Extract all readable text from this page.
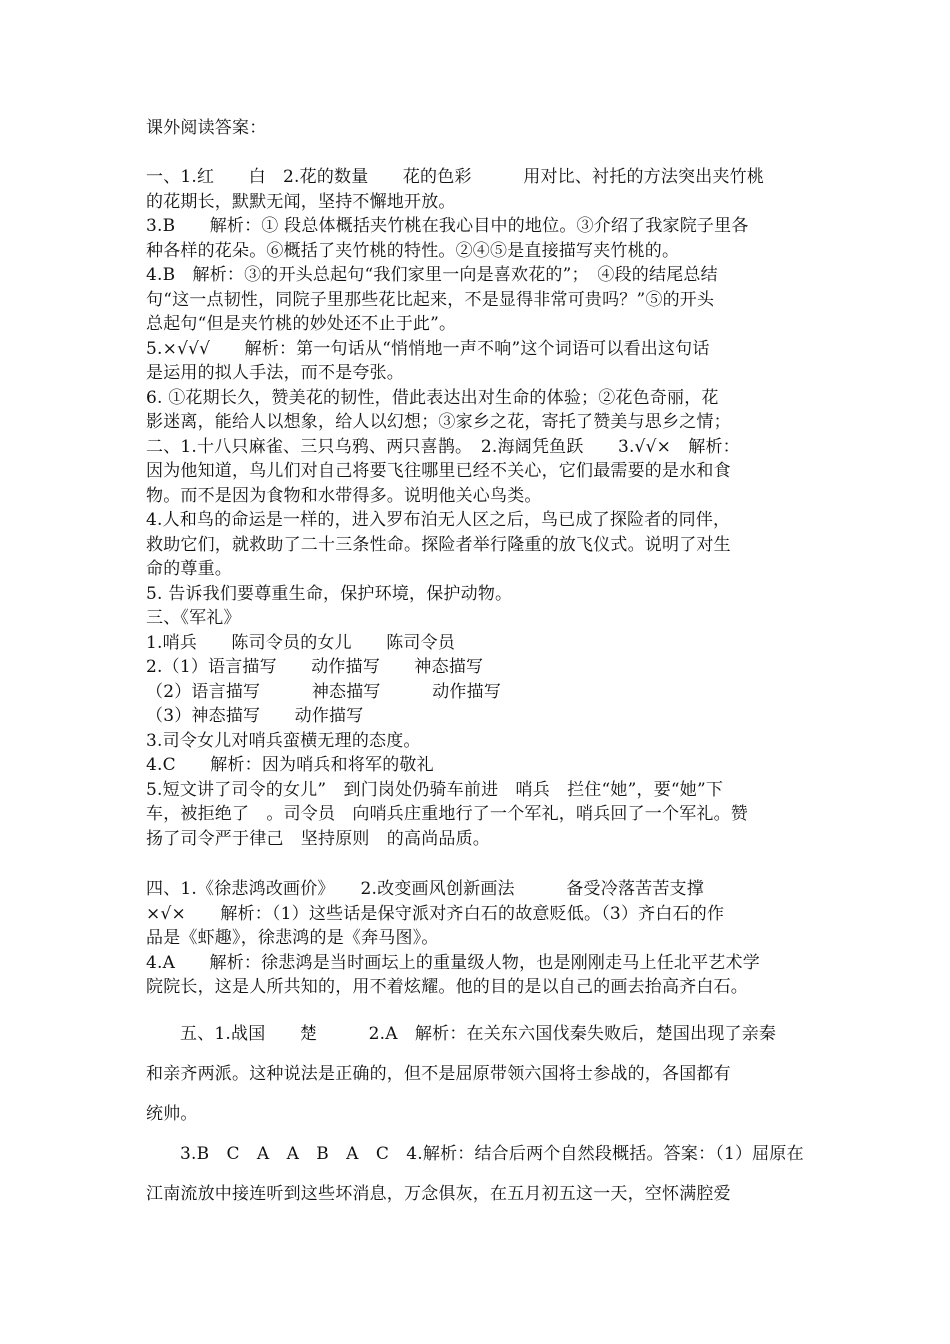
课外阅读答案：
一、1.红　　白　2.花的数量　　花的色彩　　　用对比、衬托的方法突出夹竹桃
的花期长，默默无闻，坚持不懈地开放。
3.B　　解析：① 段总体概括夹竹桃在我心目中的地位。③介绍了我家院子里各
种各样的花朵。⑥概括了夹竹桃的特性。②④⑤是直接描写夹竹桃的。
4.B　解析：③的开头总起句“我们家里一向是喜欢花的”；　④段的结尾总结
句“这一点韧性，同院子里那些花比起来，不是显得非常可贵吗？”⑤的开头
总起句“但是夹竹桃的妙处还不止于此”。
5.×√√√　　解析：第一句话从“悄悄地一声不响”这个词语可以看出这句话
是运用的拟人手法，而不是夸张。
6. ①花期长久，赞美花的韧性，借此表达出对生命的体验；②花色奇丽，花
影迷离，能给人以想象，给人以幻想；③家乡之花，寄托了赞美与思乡之情；
二、1.十八只麻雀、三只乌鸦、两只喜鹊。　2.海阔凭鱼跃　　3.√√×　解析：
因为他知道，鸟儿们对自己将要飞往哪里已经不关心，它们最需要的是水和食
物。而不是因为食物和水带得多。说明他关心鸟类。
4.人和鸟的命运是一样的，进入罗布泊无人区之后，鸟已成了探险者的同伴，
救助它们，就救助了二十三条性命。探险者举行隆重的放飞仪式。说明了对生
命的尊重。
5. 告诉我们要尊重生命，保护环境，保护动物。
三、《军礼》
1.哨兵　　陈司令员的女儿　　陈司令员
2.（1）语言描写　　动作描写　　神态描写
（2）语言描写　　　神态描写　　　动作描写
（3）神态描写　　动作描写
3.司令女儿对哨兵蛮横无理的态度。
4.C　　解析：因为哨兵和将军的敬礼
5.短文讲了司令的女儿”　到门岗处仍骑车前进　哨兵　拦住“她”，要“她”下
车，被拒绝了　。司令员　向哨兵庄重地行了一个军礼，哨兵回了一个军礼。赞
扬了司令严于律己　坚持原则　的高尚品质。
四、1.《徐悲鸿改画价》　　2.改变画风创新画法　　　备受冷落苦苦支撑
×√×　　解析：（1）这些话是保守派对齐白石的故意贬低。（3）齐白石的作
品是《虾趣》，徐悲鸿的是《奔马图》。
4.A　　解析：徐悲鸿是当时画坛上的重量级人物，也是刚刚走马上任北平艺术学
院院长，这是人所共知的，用不着炫耀。他的目的是以自己的画去抬高齐白石。
五、1.战国　　楚　　　2.A　解析：在关东六国伐秦失败后，楚国出现了亲秦
和亲齐两派。这种说法是正确的，但不是屈原带领六国将士参战的，各国都有
统帅。
3.B　C　A　A　B　A　C　4.解析：结合后两个自然段概括。答案：（1）屈原在
江南流放中接连听到这些坏消息，万念俱灰，在五月初五这一天，空怀满腔爱
